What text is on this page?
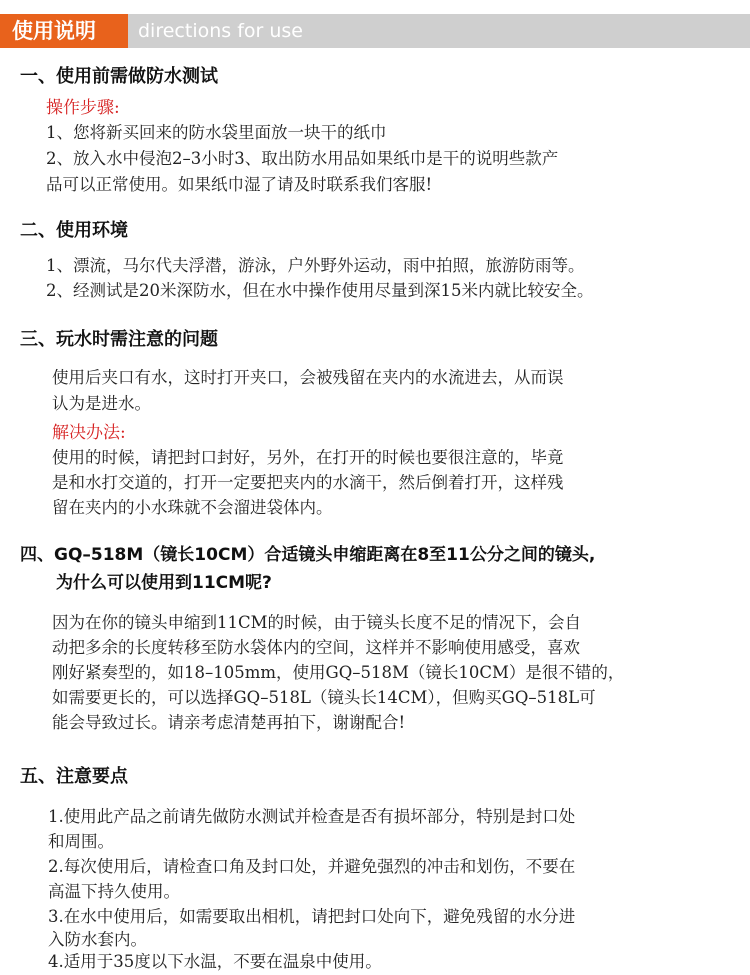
使用说明	directions for use
一、使用前需做防水测试
操作步骤:
1、您将新买回来的防水袋里面放一块干的纸巾
2、放入水中侵泡2–3小时3、取出防水用品如果纸巾是干的说明些款产
品可以正常使用。如果纸巾湿了请及时联系我们客服!
二、使用环境
1、漂流，马尔代夫浮潜，游泳，户外野外运动，雨中拍照，旅游防雨等。
2、经测试是20米深防水，但在水中操作使用尽量到深15米内就比较安全。
三、玩水时需注意的问题
使用后夹口有水，这时打开夹口，会被残留在夹内的水流进去，从而误
认为是进水。
解决办法:
使用的时候，请把封口封好，另外，在打开的时候也要很注意的，毕竟
是和水打交道的，打开一定要把夹内的水滴干，然后倒着打开，这样残
留在夹内的小水珠就不会溜进袋体内。
四、GQ–518M（镜长10CM）合适镜头申缩距离在8至11公分之间的镜头,
为什么可以使用到11CM呢?
因为在你的镜头申缩到11CM的时候，由于镜头长度不足的情况下，会自
动把多余的长度转移至防水袋体内的空间，这样并不影响使用感受，喜欢
刚好紧奏型的，如18–105mm，使用GQ–518M（镜长10CM）是很不错的，
如需要更长的，可以选择GQ–518L（镜头长14CM），但购买GQ–518L可
能会导致过长。请亲考虑清楚再拍下，谢谢配合!
五、注意要点
1.使用此产品之前请先做防水测试并检查是否有损坏部分，特别是封口处
和周围。
2.每次使用后，请检查口角及封口处，并避免强烈的冲击和划伤，不要在
高温下持久使用。
3.在水中使用后，如需要取出相机，请把封口处向下，避免残留的水分进
入防水套内。
4.适用于35度以下水温，不要在温泉中使用。
